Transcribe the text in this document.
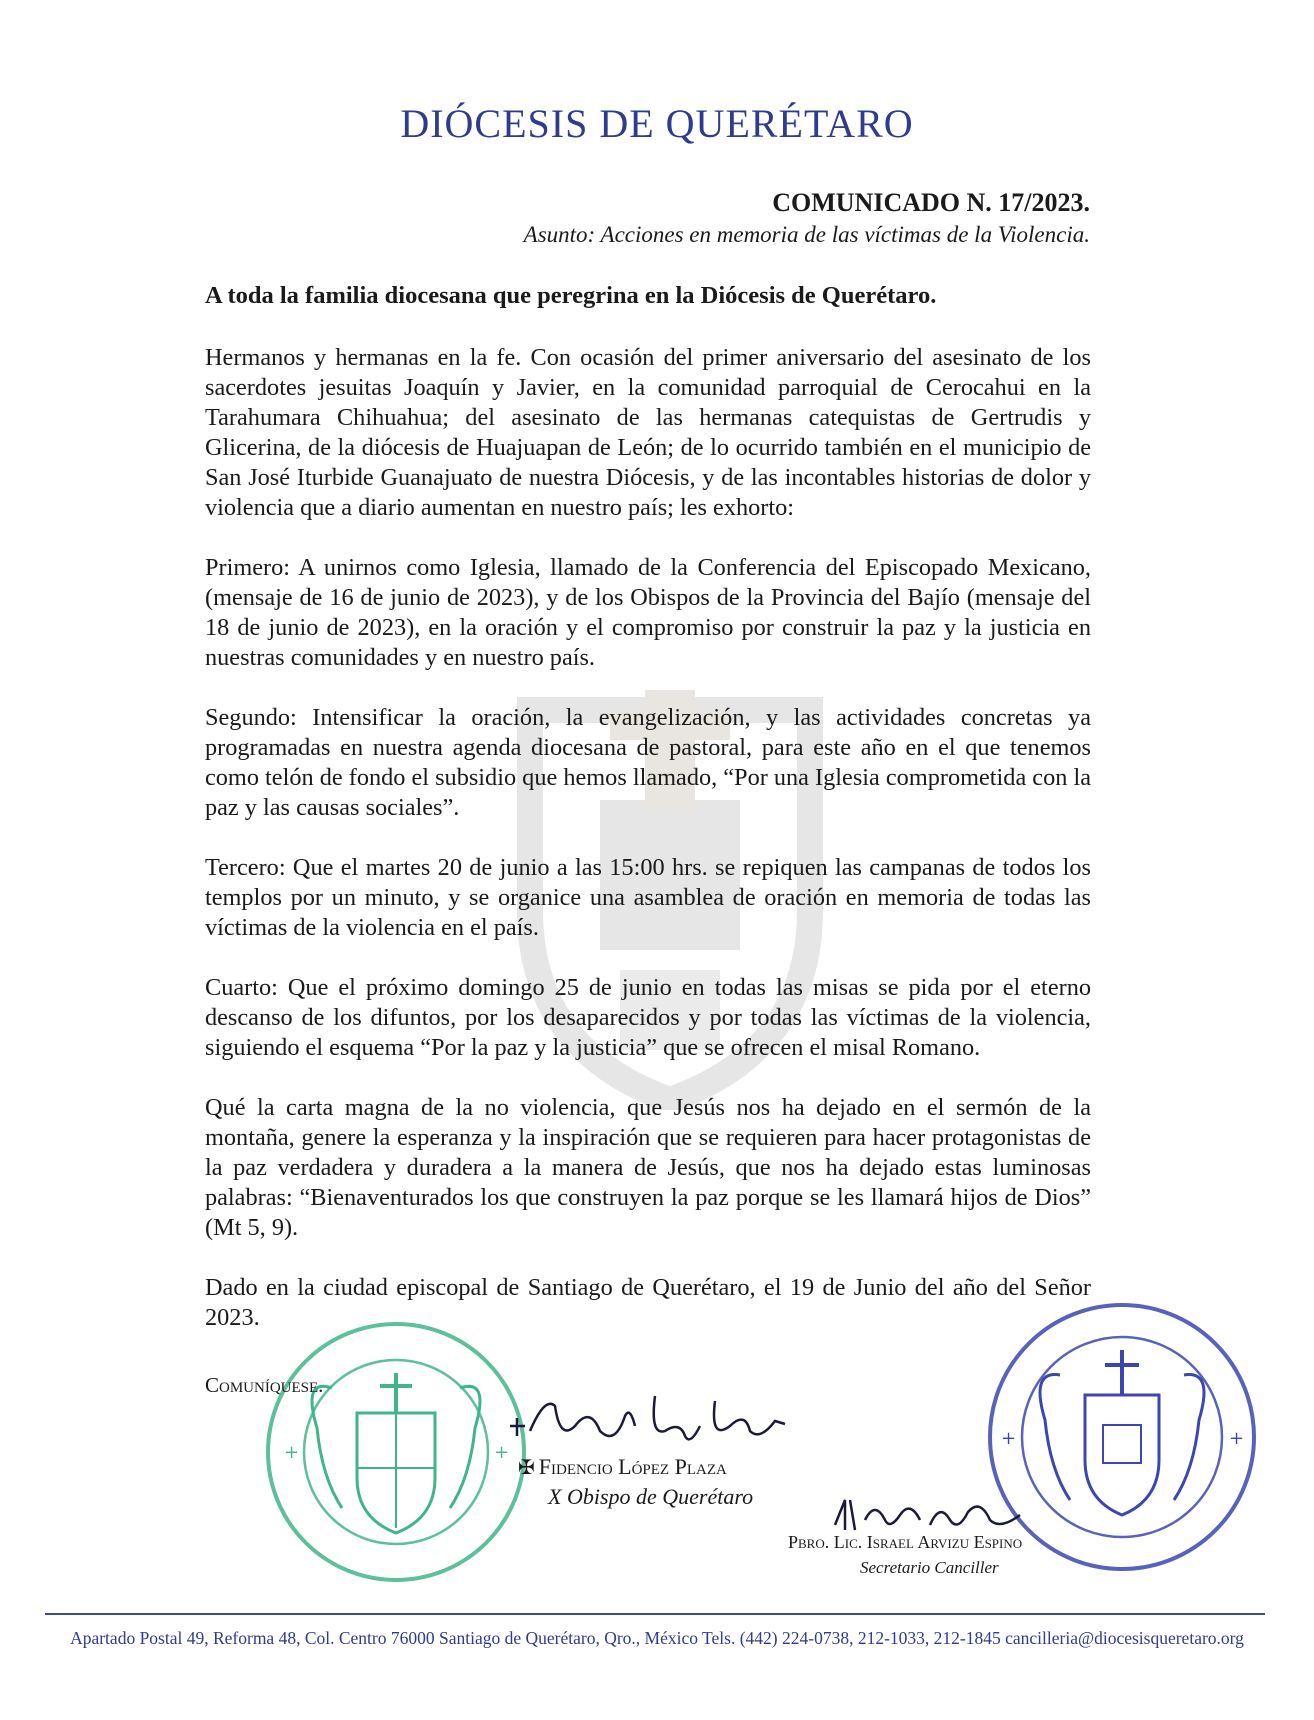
DIÓCESIS DE QUERÉTARO

COMUNICADO N. 17/2023.

Asunto: Acciones en memoria de las víctimas de la Violencia.

A toda la familia diocesana que peregrina en la Diócesis de Querétaro.

Hermanos y hermanas en la fe. Con ocasión del primer aniversario del asesinato de los sacerdotes jesuitas Joaquín y Javier, en la comunidad parroquial de Cerocahui en la Tarahumara Chihuahua; del asesinato de las hermanas catequistas de Gertrudis y Glicerina, de la diócesis de Huajuapan de León; de lo ocurrido también en el municipio de San José Iturbide Guanajuato de nuestra Diócesis, y de las incontables historias de dolor y violencia que a diario aumentan en nuestro país; les exhorto:

Primero: A unirnos como Iglesia, llamado de la Conferencia del Episcopado Mexicano, (mensaje de 16 de junio de 2023), y de los Obispos de la Provincia del Bajío (mensaje del 18 de junio de 2023), en la oración y el compromiso por construir la paz y la justicia en nuestras comunidades y en nuestro país.

Segundo: Intensificar la oración, la evangelización, y las actividades concretas ya programadas en nuestra agenda diocesana de pastoral, para este año en el que tenemos como telón de fondo el subsidio que hemos llamado, “Por una Iglesia comprometida con la paz y las causas sociales”.

Tercero: Que el martes 20 de junio a las 15:00 hrs. se repiquen las campanas de todos los templos por un minuto, y se organice una asamblea de oración en memoria de todas las víctimas de la violencia en el país.

Cuarto: Que el próximo domingo 25 de junio en todas las misas se pida por el eterno descanso de los difuntos, por los desaparecidos y por todas las víctimas de la violencia, siguiendo el esquema “Por la paz y la justicia” que se ofrecen el misal Romano.

Qué la carta magna de la no violencia, que Jesús nos ha dejado en el sermón de la montaña, genere la esperanza y la inspiración que se requieren para hacer protagonistas de la paz verdadera y duradera a la manera de Jesús, que nos ha dejado estas luminosas palabras: “Bienaventurados los que construyen la paz porque se les llamará hijos de Dios” (Mt 5, 9).

Dado en la ciudad episcopal de Santiago de Querétaro, el 19 de Junio del año del Señor 2023.

+	+

Comuníquese.

✠ Fidencio López Plaza

X Obispo de Querétaro

+	+

Pbro. Lic. Israel Arvizu Espino

Secretario Canciller

Apartado Postal 49, Reforma 48, Col. Centro 76000 Santiago de Querétaro, Qro., México Tels. (442) 224-0738, 212-1033, 212-1845 cancilleria@diocesisqueretaro.org
